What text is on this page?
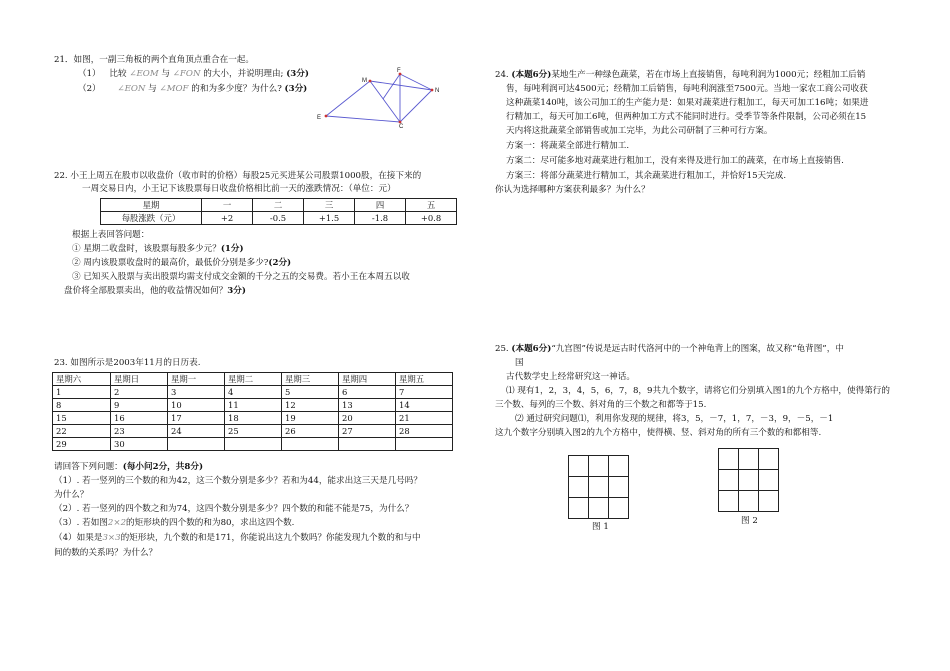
21．如图，一副三角板的两个直角顶点重合在一起。
（1） 比较 ∠EOM 与 ∠FON 的大小，并说明理由; (3分)
（2） ∠EON 与 ∠MOF 的和为多少度？为什么? (3分)
M
F
N
E
C
22. 小王上周五在股市以收盘价（收市时的价格）每股25元买进某公司股票1000股，在接下来的
一周交易日内，小王记下该股票每日收盘价格相比前一天的涨跌情况：（单位：元）
星期	一	二	三	四	五
每股涨跌（元）	+2	-0.5	+1.5	-1.8	+0.8
根据上表回答问题：
① 星期二收盘时，该股票每股多少元？(1分)
② 周内该股票收盘时的最高价，最低价分别是多少?(2分)
③ 已知买入股票与卖出股票均需支付成交金额的千分之五的交易费。若小王在本周五以收
盘价将全部股票卖出，他的收益情况如何？3分)
23. 如图所示是2003年11月的日历表.
星期六	星期日	星期一	星期二	星期三	星期四	星期五
1	2	3	4	5	6	7
8	9	10	11	12	13	14
15	16	17	18	19	20	21
22	23	24	25	26	27	28
29	30					
请回答下列问题：(每小问2分，共8分)
（1）. 若一竖列的三个数的和为42，这三个数分别是多少？若和为44，能求出这三天是几号吗？
为什么？
（2）. 若一竖列的四个数之和为74，这四个数分别是多少？四个数的和能不能是75，为什么？
（3）. 若如图2×2的矩形块的四个数的和为80，求出这四个数.
（4）如果是3×3的矩形块，九个数的和是171，你能说出这九个数吗？你能发现九个数的和与中
间的数的关系吗？为什么？
24. (本题6分)某地生产一种绿色蔬菜，若在市场上直接销售，每吨利润为1000元；经粗加工后销
售，每吨利润可达4500元；经精加工后销售，每吨利润涨至7500元。当地一家农工商公司收获
这种蔬菜140吨，该公司加工的生产能力是：如果对蔬菜进行粗加工，每天可加工16吨；如果进
行精加工，每天可加工6吨，但两种加工方式不能同时进行。受季节等条件限制，公司必须在15
天内将这批蔬菜全部销售或加工完毕，为此公司研制了三种可行方案。
方案一：将蔬菜全部进行精加工.
方案二：尽可能多地对蔬菜进行粗加工，没有来得及进行加工的蔬菜，在市场上直接销售.
方案三：将部分蔬菜进行精加工，其余蔬菜进行粗加工，并恰好15天完成.
你认为选择哪种方案获利最多？为什么？
25. (本题6分)“九宫图”传说是远古时代洛河中的一个神龟背上的图案，故又称“龟背图”，中
国
古代数学史上经常研究这一神话。
⑴ 现有1，2，3，4，5，6，7，8，9共九个数字，请将它们分别填入图1的九个方格中，使得第行的
三个数、每列的三个数、斜对角的三个数之和都等于15.
⑵ 通过研究问题⑴，利用你发现的规律，将3，5，－7，1，7，－3，9，－5，－1
这九个数字分别填入图2的九个方格中，使得横、竖、斜对角的所有三个数的和都相等.

图 1

图 2
